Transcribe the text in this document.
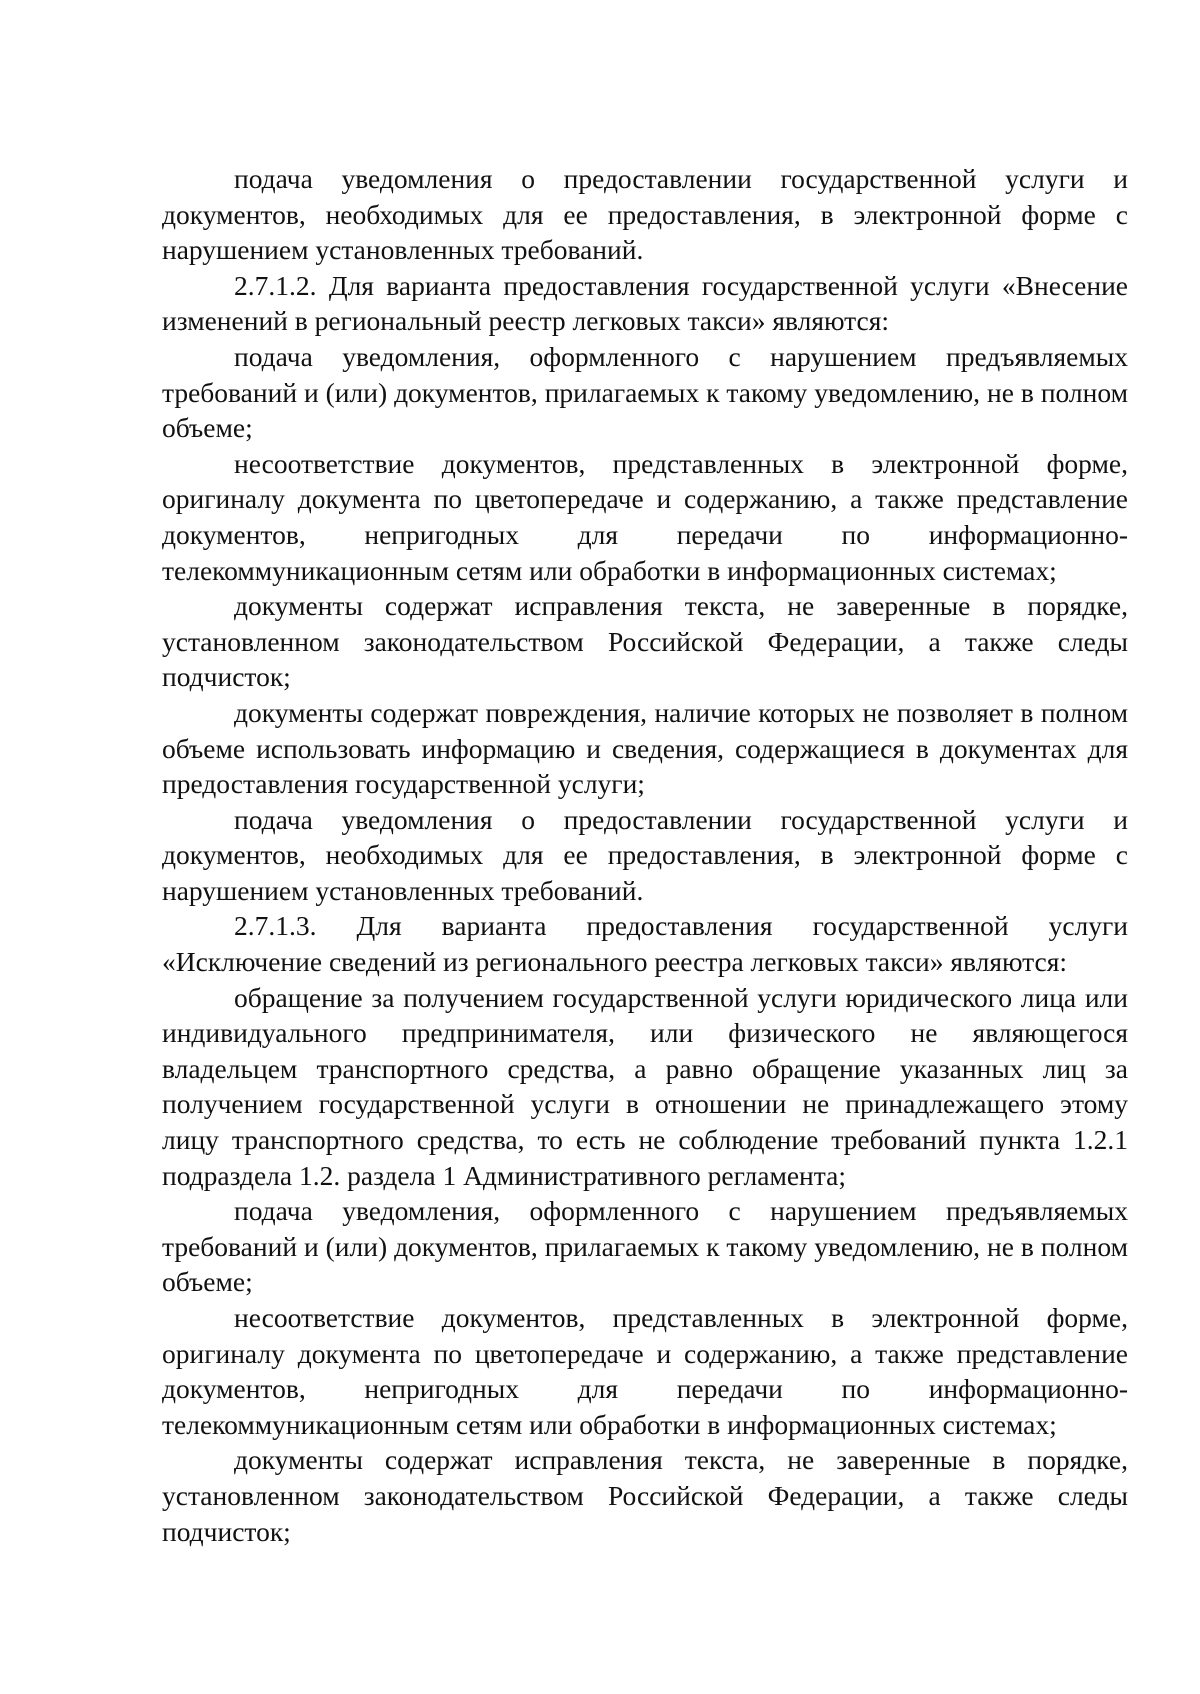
подача уведомления о предоставлении государственной услуги и документов, необходимых для ее предоставления, в электронной форме с нарушением установленных требований.

2.7.1.2. Для варианта предоставления государственной услуги «Внесение изменений в региональный реестр легковых такси» являются:

подача уведомления, оформленного с нарушением предъявляемых требований и (или) документов, прилагаемых к такому уведомлению, не в полном объеме;

несоответствие документов, представленных в электронной форме, оригиналу документа по цветопередаче и содержанию, а также представление документов, непригодных для передачи по информационно-телекоммуникационным сетям или обработки в информационных системах;

документы содержат исправления текста, не заверенные в порядке, установленном законодательством Российской Федерации, а также следы подчисток;

документы содержат повреждения, наличие которых не позволяет в полном объеме использовать информацию и сведения, содержащиеся в документах для предоставления государственной услуги;

подача уведомления о предоставлении государственной услуги и документов, необходимых для ее предоставления, в электронной форме с нарушением установленных требований.

2.7.1.3. Для варианта предоставления государственной услуги «Исключение сведений из регионального реестра легковых такси» являются:

обращение за получением государственной услуги юридического лица или индивидуального предпринимателя, или физического не являющегося владельцем транспортного средства, а равно обращение указанных лиц за получением государственной услуги в отношении не принадлежащего этому лицу транспортного средства, то есть не соблюдение требований пункта 1.2.1 подраздела 1.2. раздела 1 Административного регламента;

подача уведомления, оформленного с нарушением предъявляемых требований и (или) документов, прилагаемых к такому уведомлению, не в полном объеме;

несоответствие документов, представленных в электронной форме, оригиналу документа по цветопередаче и содержанию, а также представление документов, непригодных для передачи по информационно-телекоммуникационным сетям или обработки в информационных системах;

документы содержат исправления текста, не заверенные в порядке, установленном законодательством Российской Федерации, а также следы подчисток;
